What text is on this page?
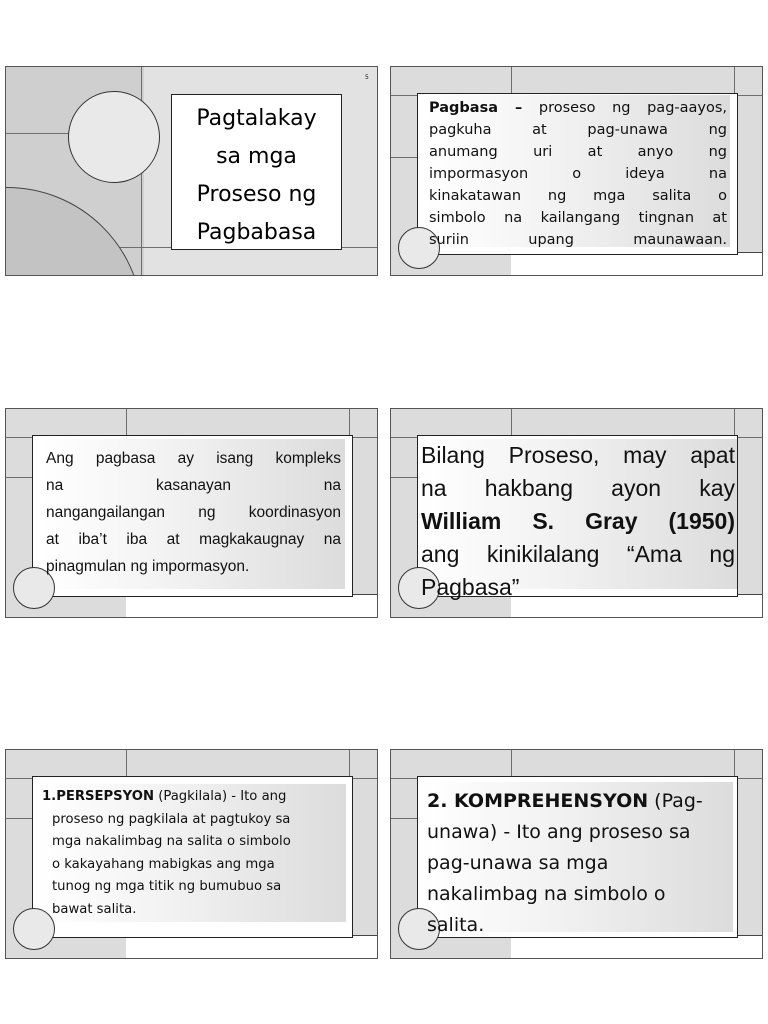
5
Pagtalakay
sa mga
Proseso ng
Pagbabasa
Pagbasa – proseso ng pag-aayos,
pagkuha at pag-unawa ng
anumang uri at anyo ng
impormasyon o ideya na
kinakatawan ng mga salita o
simbolo na kailangang tingnan at
suriin upang maunawaan.
Ang pagbasa ay isang kompleks
na kasanayan na
nangangailangan ng koordinasyon
at iba’t iba at magkakaugnay na
pinagmulan ng impormasyon.
Bilang Proseso, may apat
na hakbang ayon kay
William S. Gray (1950)
ang kinikilalang “Ama ng
Pagbasa”
1.PERSEPSYON (Pagkilala) - Ito ang
proseso ng pagkilala at pagtukoy sa
mga nakalimbag na salita o simbolo
o kakayahang mabigkas ang mga
tunog ng mga titik ng bumubuo sa
bawat salita.
2. KOMPREHENSYON (Pag-
unawa) - Ito ang proseso sa
pag-unawa sa mga
nakalimbag na simbolo o
salita.
